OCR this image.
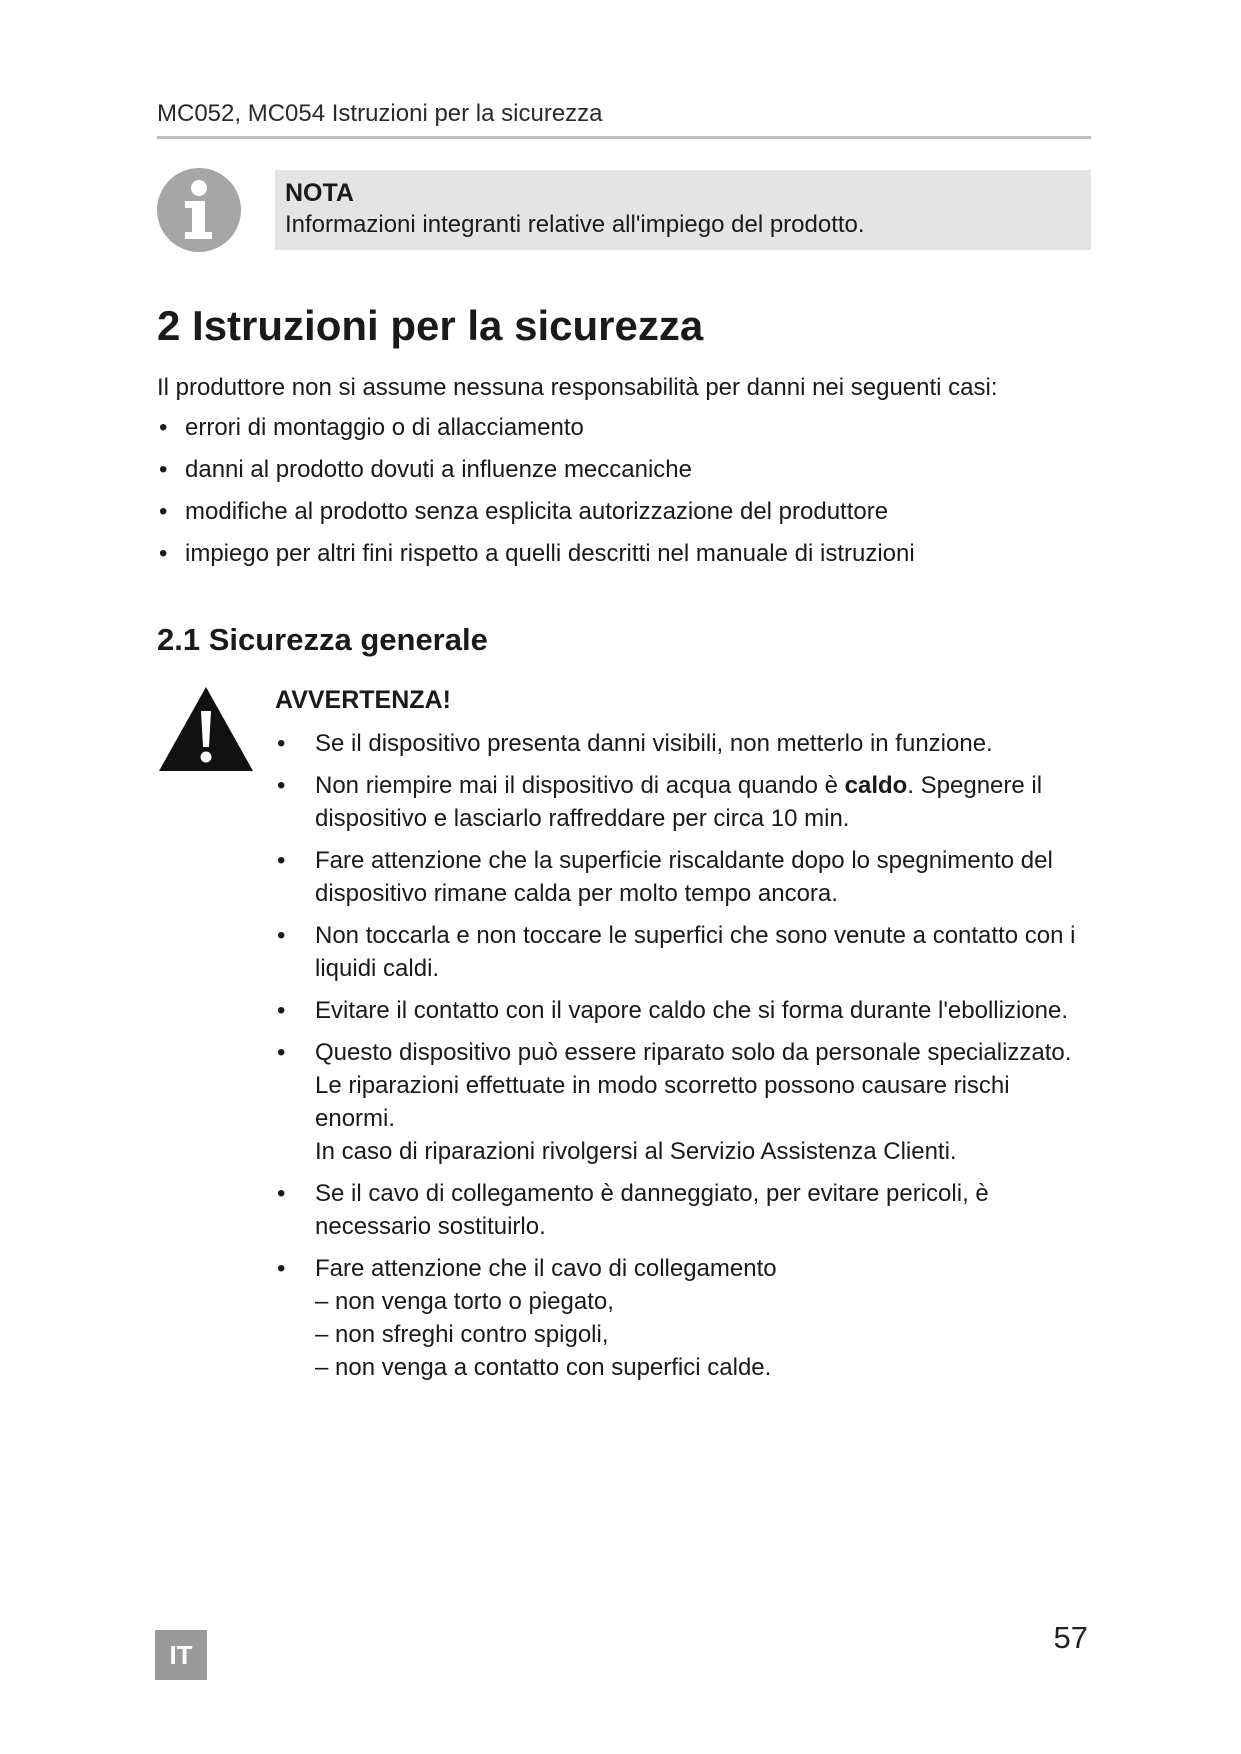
MC052, MC054 Istruzioni per la sicurezza
NOTA
Informazioni integranti relative all'impiego del prodotto.
2 Istruzioni per la sicurezza
Il produttore non si assume nessuna responsabilità per danni nei seguenti casi:
• errori di montaggio o di allacciamento
• danni al prodotto dovuti a influenze meccaniche
• modifiche al prodotto senza esplicita autorizzazione del produttore
• impiego per altri fini rispetto a quelli descritti nel manuale di istruzioni
2.1 Sicurezza generale
AVVERTENZA!
• Se il dispositivo presenta danni visibili, non metterlo in funzione.
• Non riempire mai il dispositivo di acqua quando è caldo. Spegnere il dispositivo e lasciarlo raffreddare per circa 10 min.
• Fare attenzione che la superficie riscaldante dopo lo spegnimento del dispositivo rimane calda per molto tempo ancora.
• Non toccarla e non toccare le superfici che sono venute a contatto con i liquidi caldi.
• Evitare il contatto con il vapore caldo che si forma durante l'ebollizione.
• Questo dispositivo può essere riparato solo da personale specializzato. Le riparazioni effettuate in modo scorretto possono causare rischi enormi.
In caso di riparazioni rivolgersi al Servizio Assistenza Clienti.
• Se il cavo di collegamento è danneggiato, per evitare pericoli, è necessario sostituirlo.
• Fare attenzione che il cavo di collegamento
– non venga torto o piegato,
– non sfreghi contro spigoli,
– non venga a contatto con superfici calde.
IT	57
